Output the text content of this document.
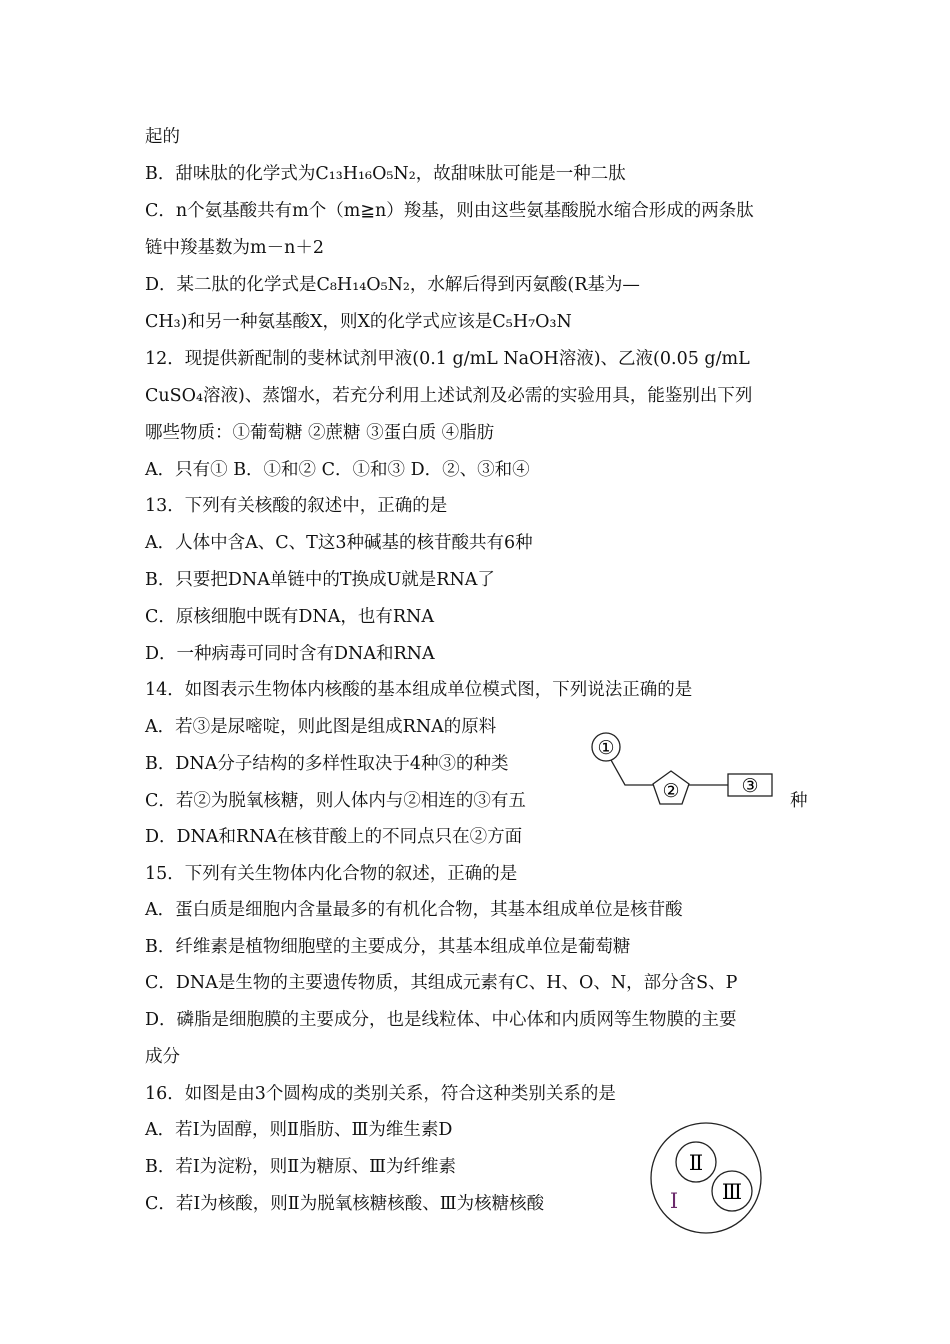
起的
B．甜味肽的化学式为C₁₃H₁₆O₅N₂，故甜味肽可能是一种二肽
C．n个氨基酸共有m个（m≧n）羧基，则由这些氨基酸脱水缩合形成的两条肽
链中羧基数为m－n＋2
D．某二肽的化学式是C₈H₁₄O₅N₂，水解后得到丙氨酸(R基为—
CH₃)和另一种氨基酸X，则X的化学式应该是C₅H₇O₃N
12．现提供新配制的斐林试剂甲液(0.1 g/mL NaOH溶液)、乙液(0.05 g/mL
CuSO₄溶液)、蒸馏水，若充分利用上述试剂及必需的实验用具，能鉴别出下列
哪些物质：①葡萄糖 ②蔗糖 ③蛋白质 ④脂肪
A．只有① B．①和② C．①和③ D．②、③和④
13．下列有关核酸的叙述中，正确的是
A．人体中含A、C、T这3种碱基的核苷酸共有6种
B．只要把DNA单链中的T换成U就是RNA了
C．原核细胞中既有DNA，也有RNA
D．一种病毒可同时含有DNA和RNA
14．如图表示生物体内核酸的基本组成单位模式图，下列说法正确的是
A．若③是尿嘧啶，则此图是组成RNA的原料
B．DNA分子结构的多样性取决于4种③的种类
C．若②为脱氧核糖，则人体内与②相连的③有五	种
D．DNA和RNA在核苷酸上的不同点只在②方面
15．下列有关生物体内化合物的叙述，正确的是
A．蛋白质是细胞内含量最多的有机化合物，其基本组成单位是核苷酸
B．纤维素是植物细胞壁的主要成分，其基本组成单位是葡萄糖
C．DNA是生物的主要遗传物质，其组成元素有C、H、O、N，部分含S、P
D．磷脂是细胞膜的主要成分，也是线粒体、中心体和内质网等生物膜的主要
成分
16．如图是由3个圆构成的类别关系，符合这种类别关系的是
A．若Ⅰ为固醇，则Ⅱ脂肪、Ⅲ为维生素D
B．若Ⅰ为淀粉，则Ⅱ为糖原、Ⅲ为纤维素
C．若Ⅰ为核酸，则Ⅱ为脱氧核糖核酸、Ⅲ为核糖核酸
①
②	③
Ⅱ
Ⅲ
Ⅰ
